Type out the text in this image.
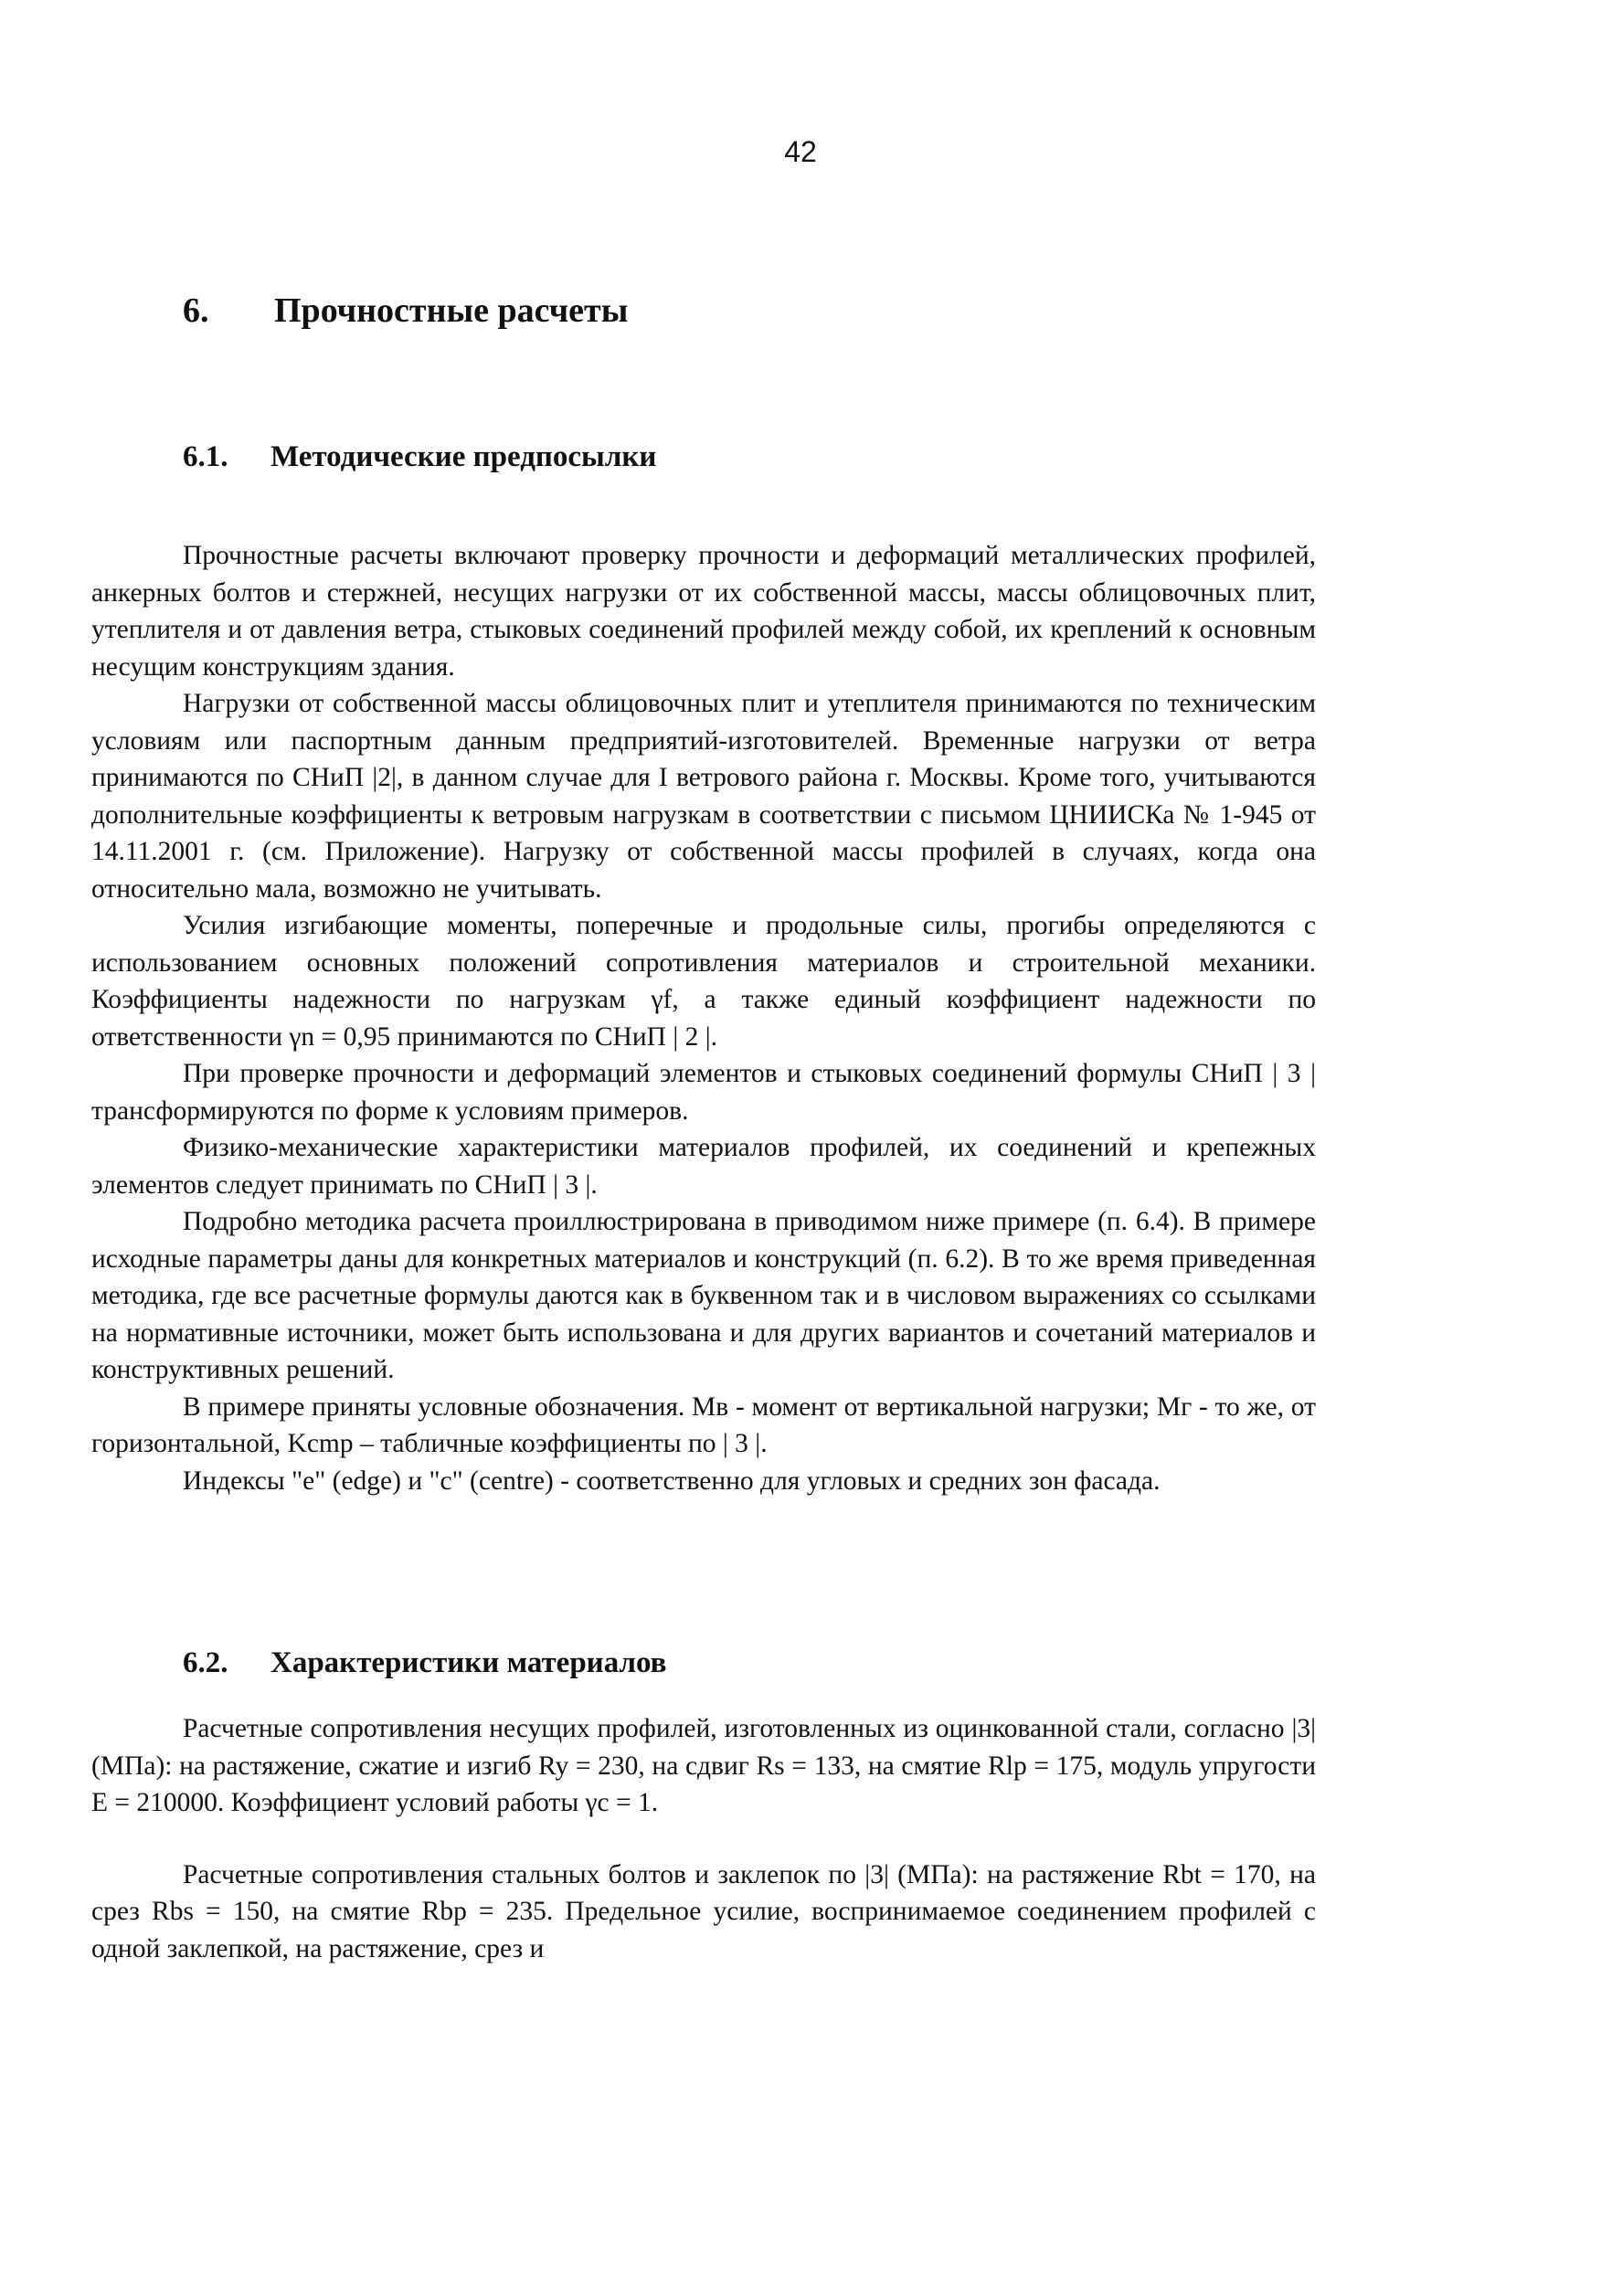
42
6. Прочностные расчеты
6.1. Методические предпосылки

Прочностные расчеты включают проверку прочности и деформаций металлических профилей, анкерных болтов и стержней, несущих нагрузки от их собственной массы, массы облицовочных плит, утеплителя и от давления ветра, стыковых соединений профилей между собой, их креплений к основным несущим конструкциям здания.

Нагрузки от собственной массы облицовочных плит и утеплителя принимаются по техническим условиям или паспортным данным предприятий-изготовителей. Временные нагрузки от ветра принимаются по СНиП |2|, в данном случае для I ветрового района г. Москвы. Кроме того, учитываются дополнительные коэффициенты к ветровым нагрузкам в соответствии с письмом ЦНИИСКа № 1-945 от 14.11.2001 г. (см. Приложение). Нагрузку от собственной массы профилей в случаях, когда она относительно мала, возможно не учитывать.

Усилия изгибающие моменты, поперечные и продольные силы, прогибы определяются с использованием основных положений сопротивления материалов и строительной механики. Коэффициенты надежности по нагрузкам γf, а также единый коэффициент надежности по ответственности γn = 0,95 принимаются по СНиП | 2 |.

При проверке прочности и деформаций элементов и стыковых соединений формулы СНиП | 3 | трансформируются по форме к условиям примеров.

Физико-механические характеристики материалов профилей, их соединений и крепежных элементов следует принимать по СНиП | 3 |.

Подробно методика расчета проиллюстрирована в приводимом ниже примере (п. 6.4). В примере исходные параметры даны для конкретных материалов и конструкций (п. 6.2). В то же время приведенная методика, где все расчетные формулы даются как в буквенном так и в числовом выражениях со ссылками на нормативные источники, может быть использована и для других вариантов и сочетаний материалов и конструктивных решений.

В примере приняты условные обозначения. Mв - момент от вертикальной нагрузки; Mг - то же, от горизонтальной, Kсmр – табличные коэффициенты по | 3 |.

Индексы "e" (edge) и "c" (centre) - соответственно для угловых и средних зон фасада.

6.2. Характеристики материалов

Расчетные сопротивления несущих профилей, изготовленных из оцинкованной стали, согласно |3| (МПа): на растяжение, сжатие и изгиб Ry = 230, на сдвиг Rs = 133, на смятие Rlp = 175, модуль упругости E = 210000. Коэффициент условий работы γc = 1.

Расчетные сопротивления стальных болтов и заклепок по |3| (МПа): на растяжение Rbt = 170, на срез Rbs = 150, на смятие Rbp = 235. Предельное усилие, воспринимаемое соединением профилей с одной заклепкой, на растяжение, срез и
